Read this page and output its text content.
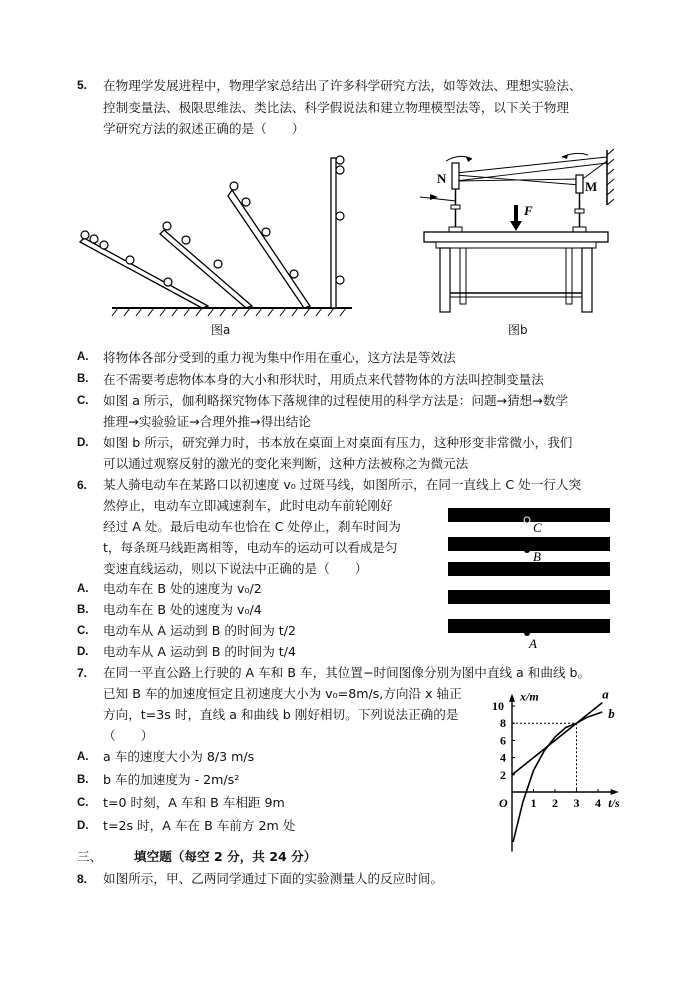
5. 在物理学发展进程中，物理学家总结出了许多科学研究方法，如等效法、理想实验法、
控制变量法、极限思维法、类比法、科学假说法和建立物理模型法等，以下关于物理
学研究方法的叙述正确的是（　　）
图a
N
M
F
图b
A. 将物体各部分受到的重力视为集中作用在重心，这方法是等效法
B. 在不需要考虑物体本身的大小和形状时，用质点来代替物体的方法叫控制变量法
C. 如图 a 所示，伽利略探究物体下落规律的过程使用的科学方法是：问题→猜想→数学
推理→实验验证→合理外推→得出结论
D. 如图 b 所示，研究弹力时，书本放在桌面上对桌面有压力，这种形变非常微小，我们
可以通过观察反射的激光的变化来判断，这种方法被称之为微元法
6. 某人骑电动车在某路口以初速度 v₀ 过斑马线，如图所示，在同一直线上 C 处一行人突
然停止，电动车立即减速刹车，此时电动车前轮刚好
经过 A 处。最后电动车也恰在 C 处停止，刹车时间为
t，每条斑马线距离相等，电动车的运动可以看成是匀
变速直线运动，则以下说法中正确的是（　　）
C
B
A
A. 电动车在 B 处的速度为 v₀/2
B. 电动车在 B 处的速度为 v₀/4
C. 电动车从 A 运动到 B 的时间为 t/2
D. 电动车从 A 运动到 B 的时间为 t/4
7. 在同一平直公路上行驶的 A 车和 B 车，其位置−时间图像分别为图中直线 a 和曲线 b。
已知 B 车的加速度恒定且初速度大小为 v₀=8m/s,方向沿 x 轴正
方向，t=3s 时，直线 a 和曲线 b 刚好相切。下列说法正确的是
（　　）
x/m
t/s
O 1 2 3 4
2
4
6
8
10
a
b
A. a 车的速度大小为 8/3 m/s
B. b 车的加速度为 - 2m/s²
C. t=0 时刻，A 车和 B 车相距 9m
D. t=2s 时，A 车在 B 车前方 2m 处
三、	填空题（每空 2 分，共 24 分）
8. 如图所示，甲、乙两同学通过下面的实验测量人的反应时间。
